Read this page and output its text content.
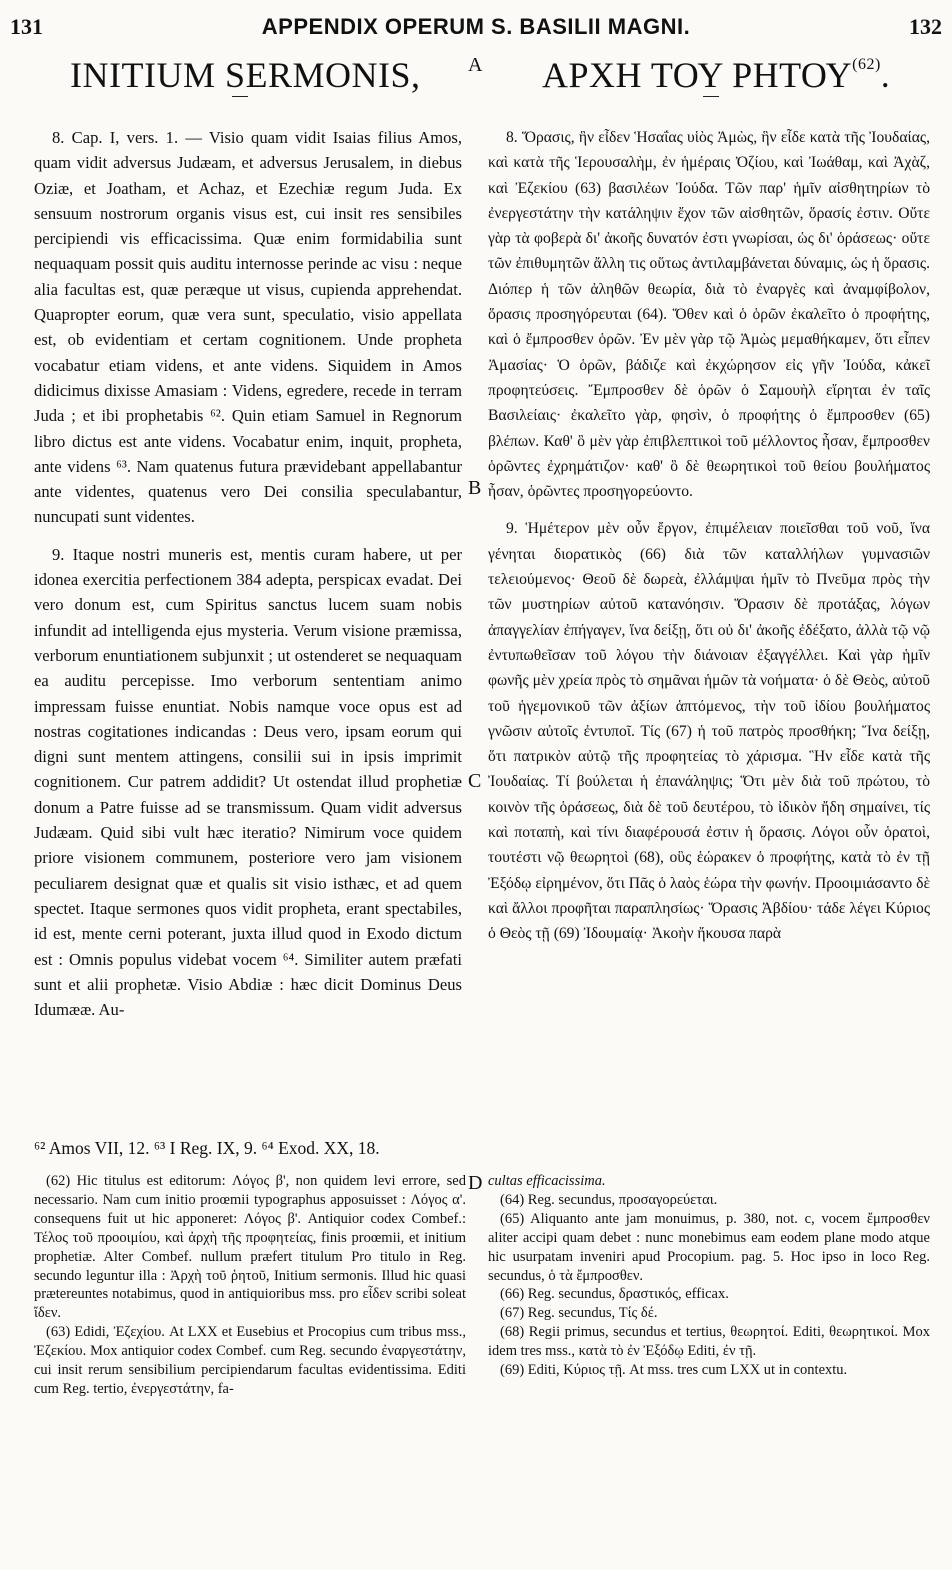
131	APPENDIX OPERUM S. BASILII MAGNI.	132
INITIUM SERMONIS, A ΑΡΧΗ ΤΟΥ ΡΗΤΟΥ$^{(62)}$.

8. Cap. I, vers. 1. — Visio quam vidit Isaias filius Amos, quam vidit adversus Judæam, et adversus Jerusalem, in diebus Oziæ, et Joatham, et Achaz, et Ezechiæ regum Juda. Ex sensuum nostrorum organis visus est, cui insit res sensibiles percipiendi vis efficacissima. Quæ enim formidabilia sunt nequaquam possit quis auditu internosse perinde ac visu : neque alia facultas est, quæ peræque ut visus, cupienda apprehendat. Quapropter eorum, quæ vera sunt, speculatio, visio appellata est, ob evidentiam et certam cognitionem. Unde propheta vocabatur etiam videns, et ante videns. Siquidem in Amos didicimus dixisse Amasiam : Videns, egredere, recede in terram Juda ; et ibi prophetabis ⁶². Quin etiam Samuel in Regnorum libro dictus est ante videns. Vocabatur enim, inquit, propheta, ante videns ⁶³. Nam quatenus futura prævidebant appellabantur ante videntes, quatenus vero Dei consilia speculabantur, nuncupati sunt videntes.

9. Itaque nostri muneris est, mentis curam habere, ut per idonea exercitia perfectionem 384 adepta, perspicax evadat. Dei vero donum est, cum Spiritus sanctus lucem suam nobis infundit ad intelligenda ejus mysteria. Verum visione præmissa, verborum enuntiationem subjunxit ; ut ostenderet se nequaquam ea auditu percepisse. Imo verborum sententiam animo impressam fuisse enuntiat. Nobis namque voce opus est ad nostras cogitationes indicandas : Deus vero, ipsam eorum qui digni sunt mentem attingens, consilii sui in ipsis imprimit cognitionem. Cur patrem addidit? Ut ostendat illud prophetiæ donum a Patre fuisse ad se transmissum. Quam vidit adversus Judæam. Quid sibi vult hæc iteratio? Nimirum voce quidem priore visionem communem, posteriore vero jam visionem peculiarem designat quæ et qualis sit visio isthæc, et ad quem spectet. Itaque sermones quos vidit propheta, erant spectabiles, id est, mente cerni poterant, juxta illud quod in Exodo dictum est : Omnis populus videbat vocem ⁶⁴. Similiter autem præfati sunt et alii prophetæ. Visio Abdiæ : hæc dicit Dominus Deus Idumææ. Au-

B
C
D

8. Ὅρασις, ἣν εἶδεν Ἡσαΐας υἱὸς Ἀμὼς, ἣν εἶδε κατὰ τῆς Ἰουδαίας, καὶ κατὰ τῆς Ἱερουσαλὴμ, ἐν ἡμέραις Ὀζίου, καὶ Ἰωάθαμ, καὶ Ἀχὰζ, καὶ Ἐζεκίου (63) βασιλέων Ἰούδα. Τῶν παρ' ἡμῖν αἰσθητηρίων τὸ ἐνεργεστάτην τὴν κατάληψιν ἔχον τῶν αἰσθητῶν, ὅρασίς ἐστιν. Οὔτε γὰρ τὰ φοβερὰ δι' ἀκοῆς δυνατόν ἐστι γνωρίσαι, ὡς δι' ὁράσεως· οὔτε τῶν ἐπιθυμητῶν ἄλλη τις οὕτως ἀντιλαμβάνεται δύναμις, ὡς ἡ ὅρασις. Διόπερ ἡ τῶν ἀληθῶν θεωρία, διὰ τὸ ἐναργὲς καὶ ἀναμφίβολον, ὅρασις προσηγόρευται (64). Ὅθεν καὶ ὁ ὁρῶν ἐκαλεῖτο ὁ προφήτης, καὶ ὁ ἔμπροσθεν ὁρῶν. Ἐν μὲν γὰρ τῷ Ἀμὼς μεμαθήκαμεν, ὅτι εἶπεν Ἀμασίας· Ὁ ὁρῶν, βάδιζε καὶ ἐκχώρησον εἰς γῆν Ἰούδα, κἀκεῖ προφητεύσεις. Ἔμπροσθεν δὲ ὁρῶν ὁ Σαμουὴλ εἴρηται ἐν ταῖς Βασιλείαις· ἐκαλεῖτο γὰρ, φησὶν, ὁ προφήτης ὁ ἔμπροσθεν (65) βλέπων. Καθ' ὃ μὲν γὰρ ἐπιβλεπτικοὶ τοῦ μέλλοντος ἦσαν, ἔμπροσθεν ὁρῶντες ἐχρημάτιζον· καθ' ὃ δὲ θεωρητικοὶ τοῦ θείου βουλήματος ἦσαν, ὁρῶντες προσηγορεύοντο.

9. Ἡμέτερον μὲν οὖν ἔργον, ἐπιμέλειαν ποιεῖσθαι τοῦ νοῦ, ἵνα γένηται διορατικὸς (66) διὰ τῶν καταλλήλων γυμνασιῶν τελειούμενος· Θεοῦ δὲ δωρεὰ, ἐλλάμψαι ἡμῖν τὸ Πνεῦμα πρὸς τὴν τῶν μυστηρίων αὐτοῦ κατανόησιν. Ὅρασιν δὲ προτάξας, λόγων ἀπαγγελίαν ἐπήγαγεν, ἵνα δείξῃ, ὅτι οὐ δι' ἀκοῆς ἐδέξατο, ἀλλὰ τῷ νῷ ἐντυπωθεῖσαν τοῦ λόγου τὴν διάνοιαν ἐξαγγέλλει. Καὶ γὰρ ἡμῖν φωνῆς μὲν χρεία πρὸς τὸ σημᾶναι ἡμῶν τὰ νοήματα· ὁ δὲ Θεὸς, αὐτοῦ τοῦ ἡγεμονικοῦ τῶν ἀξίων ἁπτόμενος, τὴν τοῦ ἰδίου βουλήματος γνῶσιν αὐτοῖς ἐντυποῖ. Τίς (67) ἡ τοῦ πατρὸς προσθήκη; Ἵνα δείξῃ, ὅτι πατρικὸν αὐτῷ τῆς προφητείας τὸ χάρισμα. Ἣν εἶδε κατὰ τῆς Ἰουδαίας. Τί βούλεται ἡ ἐπανάληψις; Ὅτι μὲν διὰ τοῦ πρώτου, τὸ κοινὸν τῆς ὁράσεως, διὰ δὲ τοῦ δευτέρου, τὸ ἰδικὸν ἤδη σημαίνει, τίς καὶ ποταπὴ, καὶ τίνι διαφέρουσά ἐστιν ἡ ὅρασις. Λόγοι οὖν ὁρατοὶ, τουτέστι νῷ θεωρητοὶ (68), οὓς ἑώρακεν ὁ προφήτης, κατὰ τὸ ἐν τῇ Ἐξόδῳ εἰρημένον, ὅτι Πᾶς ὁ λαὸς ἑώρα τὴν φωνήν. Προοιμιάσαντο δὲ καὶ ἄλλοι προφῆται παραπλησίως· Ὅρασις Ἀβδίου· τάδε λέγει Κύριος ὁ Θεὸς τῇ (69) Ἰδουμαίᾳ· Ἀκοὴν ἤκουσα παρὰ

⁶² Amos VII, 12. ⁶³ I Reg. IX, 9. ⁶⁴ Exod. XX, 18.

(62) Hic titulus est editorum: Λόγος β', non quidem levi errore, sed necessario. Nam cum initio proœmii typographus apposuisset : Λόγος α'. consequens fuit ut hic apponeret: Λόγος β'. Antiquior codex Combef.: Τέλος τοῦ προοιμίου, καὶ ἀρχὴ τῆς προφητείας, finis proœmii, et initium prophetiæ. Alter Combef. nullum præfert titulum Pro titulo in Reg. secundo leguntur illa : Ἀρχὴ τοῦ ῥητοῦ, Initium sermonis. Illud hic quasi prætereuntes notabimus, quod in antiquioribus mss. pro εἶδεν scribi soleat ἴδεν.

(63) Edidi, Ἐζεχίου. At LXX et Eusebius et Procopius cum tribus mss., Ἐζεκίου. Mox antiquior codex Combef. cum Reg. secundo ἐναργεστάτην, cui insit rerum sensibilium percipiendarum facultas evidentissima. Editi cum Reg. tertio, ἐνεργεστάτην, fa-

cultas efficacissima.

(64) Reg. secundus, προσαγορεύεται.

(65) Aliquanto ante jam monuimus, p. 380, not. c, vocem ἔμπροσθεν aliter accipi quam debet : nunc monebimus eam eodem plane modo atque hic usurpatam inveniri apud Procopium. pag. 5. Hoc ipso in loco Reg. secundus, ὁ τὰ ἔμπροσθεν.

(66) Reg. secundus, δραστικός, efficax.

(67) Reg. secundus, Τίς δέ.

(68) Regii primus, secundus et tertius, θεωρητοί. Editi, θεωρητικοί. Mox idem tres mss., κατὰ τὸ ἐν Ἐξόδῳ Editi, ἐν τῇ.

(69) Editi, Κύριος τῇ. At mss. tres cum LXX ut in contextu.
